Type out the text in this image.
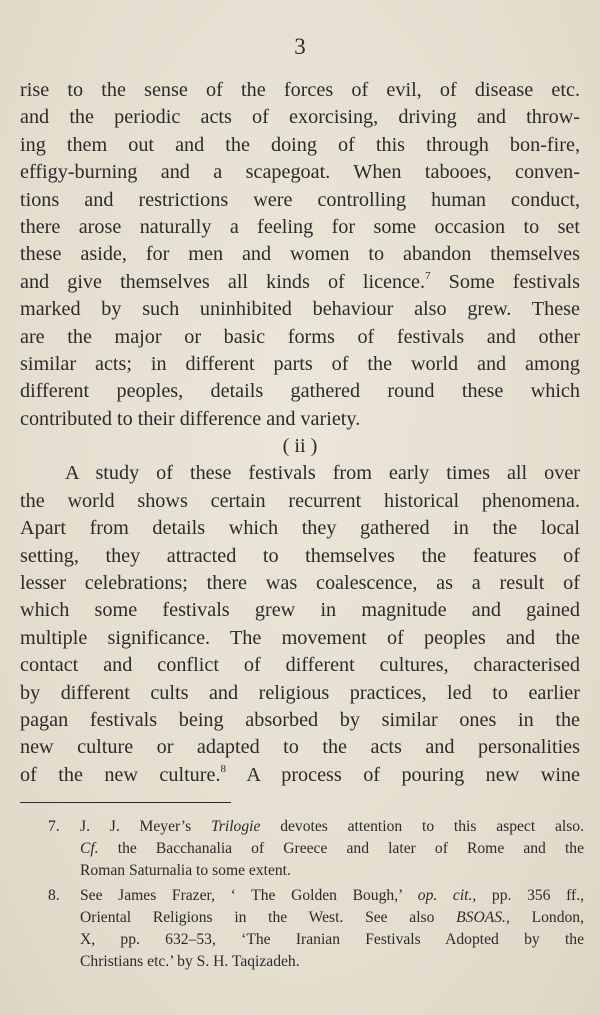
3
rise to the sense of the forces of evil, of disease etc.
and the periodic acts of exorcising, driving and throw-
ing them out and the doing of this through bon-fire,
effigy-burning and a scapegoat. When tabooes, conven-
tions and restrictions were controlling human conduct,
there arose naturally a feeling for some occasion to set
these aside, for men and women to abandon themselves
and give themselves all kinds of licence.$^7$ Some festivals
marked by such uninhibited behaviour also grew. These
are the major or basic forms of festivals and other
similar acts; in different parts of the world and among
different peoples, details gathered round these which
contributed to their difference and variety.
( ii )
A study of these festivals from early times all over
the world shows certain recurrent historical phenomena.
Apart from details which they gathered in the local
setting, they attracted to themselves the features of
lesser celebrations; there was coalescence, as a result of
which some festivals grew in magnitude and gained
multiple significance. The movement of peoples and the
contact and conflict of different cultures, characterised
by different cults and religious practices, led to earlier
pagan festivals being absorbed by similar ones in the
new culture or adapted to the acts and personalities
of the new culture.$^8$ A process of pouring new wine
7. J. J. Meyer’s Trilogie devotes attention to this aspect also.
Cf. the Bacchanalia of Greece and later of Rome and the
Roman Saturnalia to some extent.
8. See James Frazer, ‘ The Golden Bough,’ op. cit., pp. 356 ff.,
Oriental Religions in the West. See also BSOAS., London,
X, pp. 632–53, ‘The Iranian Festivals Adopted by the
Christians etc.’ by S. H. Taqizadeh.
